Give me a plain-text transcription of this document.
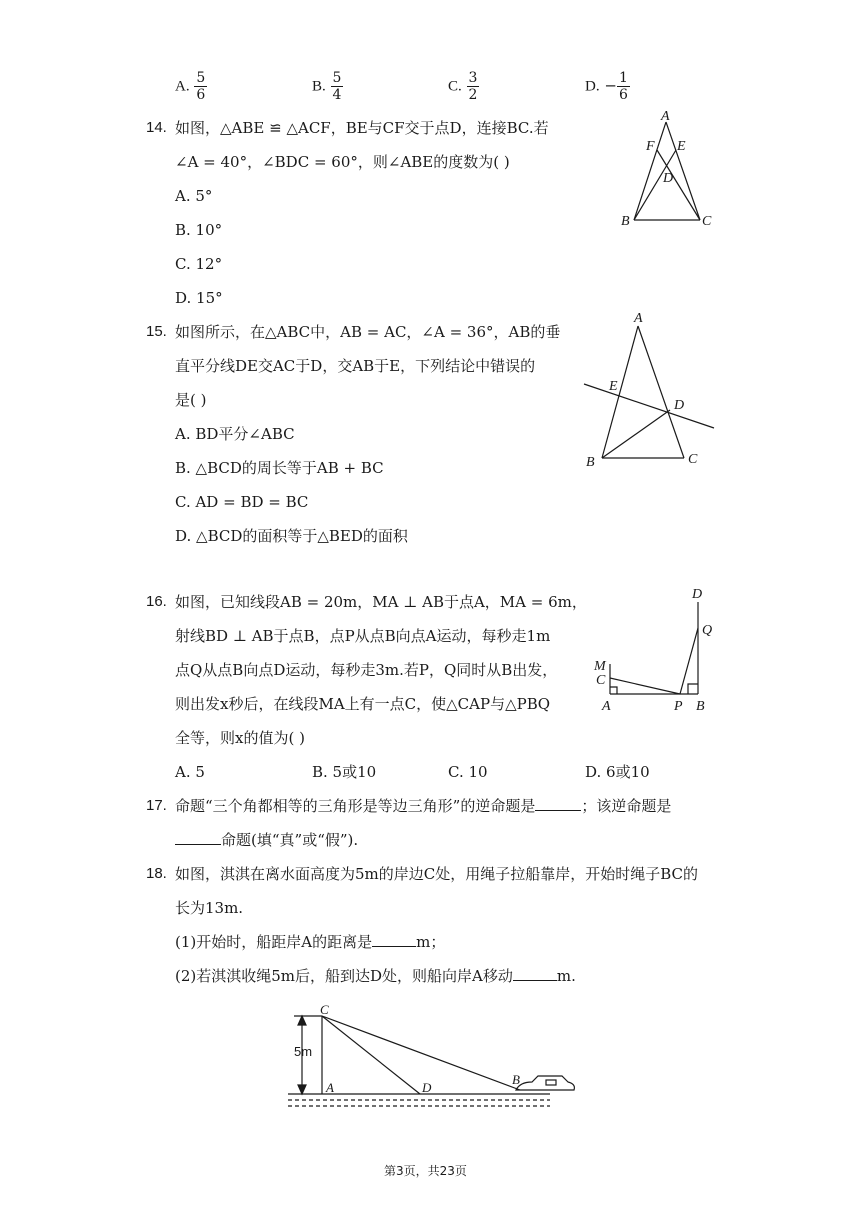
A. $\frac{5}{6}$	B. $\frac{5}{4}$	C. $\frac{3}{2}$	D. − $\frac{1}{6}$
14. 如图，△ABE ≌ △ACF，BE与CF交于点D，连接BC.若
∠A = 40°，∠BDC = 60°，则∠ABE的度数为( )
A. 5°
B. 10°
C. 12°
D. 15°
A
F E
D
B	C
15. 如图所示，在△ABC中，AB = AC，∠A = 36°，AB的垂
直平分线DE交AC于D，交AB于E，下列结论中错误的
是( )
A. BD平分∠ABC
B. △BCD的周长等于AB + BC
C. AD = BD = BC
D. △BCD的面积等于△BED的面积
A
E
D
B	C
16. 如图，已知线段AB = 20m，MA ⊥ AB于点A，MA = 6m，
射线BD ⊥ AB于点B，点P从点B向点A运动，每秒走1m
点Q从点B向点D运动，每秒走3m.若P，Q同时从B出发，
则出发x秒后，在线段MA上有一点C，使△CAP与△PBQ
全等，则x的值为( )
A. 5	B. 5或10	C. 10	D. 6或10
D
Q
M
C
A	P B
17. 命题“三个角都相等的三角形是等边三角形”的逆命题是	；该逆命题是
命题(填“真”或“假”).
18. 如图，淇淇在离水面高度为5m的岸边C处，用绳子拉船靠岸，开始时绳子BC的
长为13m.
(1)开始时，船距岸A的距离是	m；
(2)若淇淇收绳5m后，船到达D处，则船向岸A移动	m.
C
A	D
B
5m
第3页，共23页
